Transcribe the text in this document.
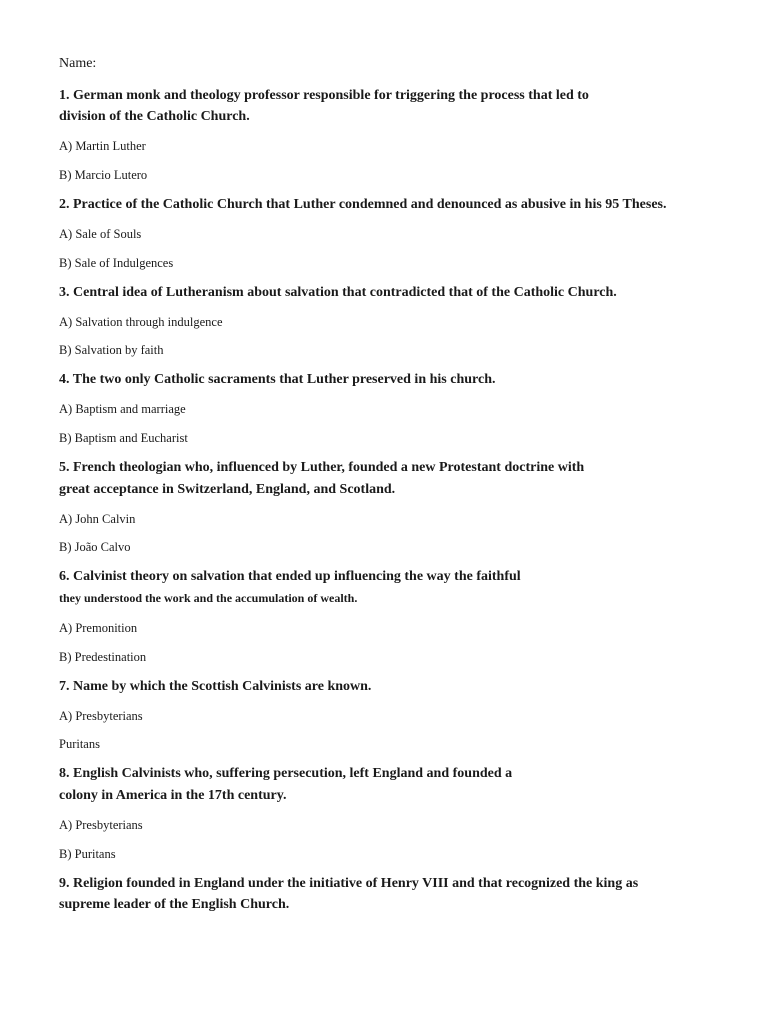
Name:
1. German monk and theology professor responsible for triggering the process that led to
division of the Catholic Church.
A) Martin Luther
B) Marcio Lutero
2. Practice of the Catholic Church that Luther condemned and denounced as abusive in his 95 Theses.
A) Sale of Souls
B) Sale of Indulgences
3. Central idea of Lutheranism about salvation that contradicted that of the Catholic Church.
A) Salvation through indulgence
B) Salvation by faith
4. The two only Catholic sacraments that Luther preserved in his church.
A) Baptism and marriage
B) Baptism and Eucharist
5. French theologian who, influenced by Luther, founded a new Protestant doctrine with
great acceptance in Switzerland, England, and Scotland.
A) John Calvin
B) João Calvo
6. Calvinist theory on salvation that ended up influencing the way the faithful
they understood the work and the accumulation of wealth.
A) Premonition
B) Predestination
7. Name by which the Scottish Calvinists are known.
A) Presbyterians
Puritans
8. English Calvinists who, suffering persecution, left England and founded a
colony in America in the 17th century.
A) Presbyterians
B) Puritans
9. Religion founded in England under the initiative of Henry VIII and that recognized the king as
supreme leader of the English Church.
